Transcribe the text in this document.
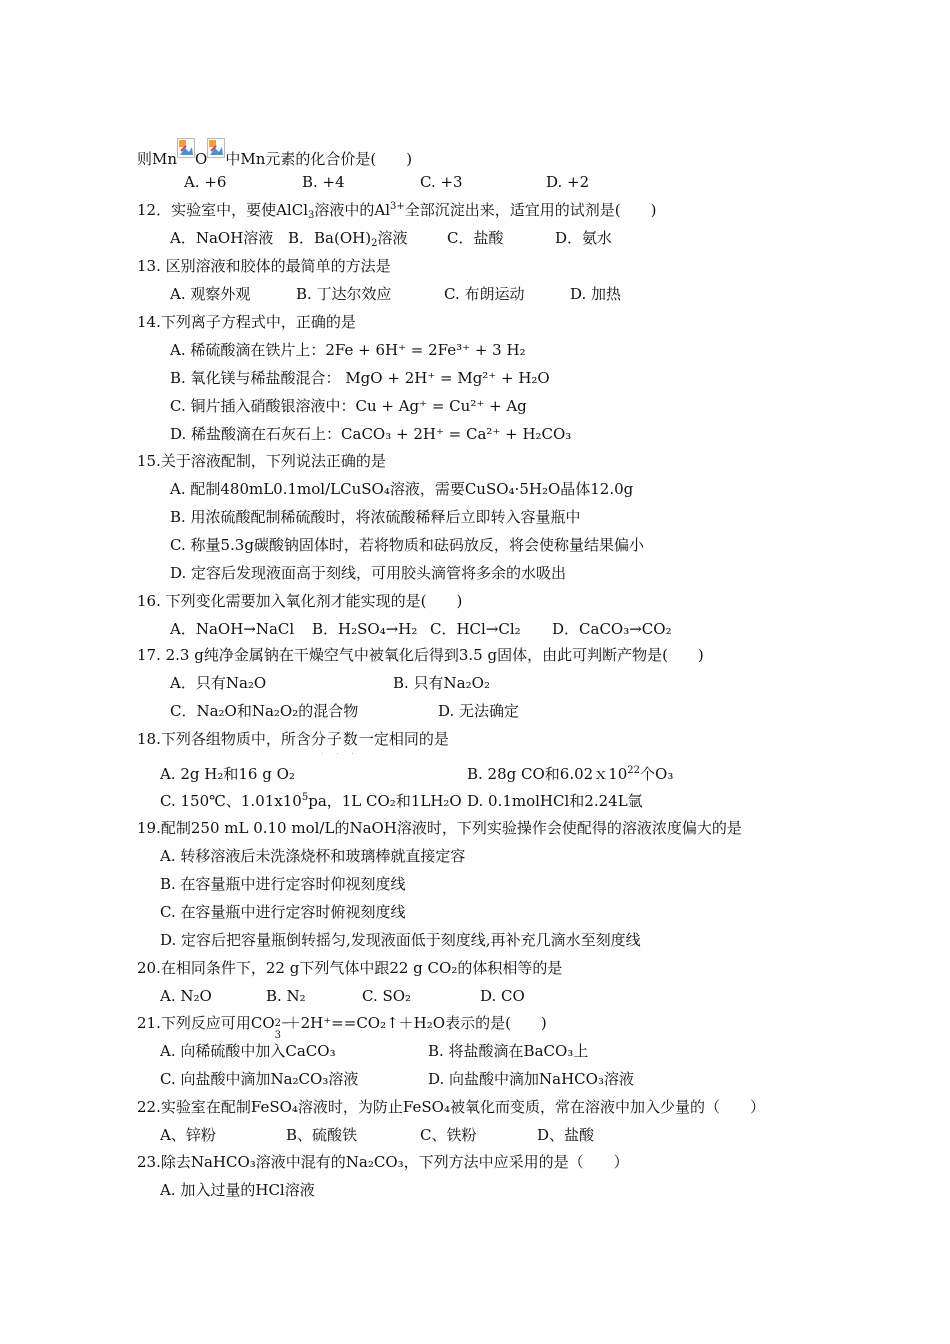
则Mn O 中Mn元素的化合价是(　　)
A. +6	B. +4	C. +3	D. +2
12．实验室中，要使AlCl$_3$溶液中的$Al^{3+}$全部沉淀出来，适宜用的试剂是(　　)
A．NaOH溶液 B．$Ba(OH)_2$溶液	C．盐酸	D．氨水
13. 区别溶液和胶体的最简单的方法是
A. 观察外观	B. 丁达尔效应	C. 布朗运动	D. 加热
14.下列离子方程式中，正确的是
A. 稀硫酸滴在铁片上：2Fe + 6H⁺ = 2Fe³⁺ + 3 H₂
B. 氧化镁与稀盐酸混合： MgO + 2H⁺ = Mg²⁺ + H₂O
C. 铜片插入硝酸银溶液中：Cu + Ag⁺ = Cu²⁺ + Ag
D. 稀盐酸滴在石灰石上：CaCO₃ + 2H⁺ = Ca²⁺ + H₂CO₃
15.关于溶液配制，下列说法正确的是
A. 配制480mL0.1mol/LCuSO₄溶液，需要CuSO₄·5H₂O晶体12.0g
B. 用浓硫酸配制稀硫酸时，将浓硫酸稀释后立即转入容量瓶中
C. 称量5.3g碳酸钠固体时，若将物质和砝码放反，将会使称量结果偏小
D. 定容后发现液面高于刻线，可用胶头滴管将多余的水吸出
16. 下列变化需要加入氧化剂才能实现的是(　　)
A．NaOH→NaCl B．H₂SO₄→H₂ C．HCl→Cl₂ D．CaCO₃→CO₂
17. 2.3 g纯净金属钠在干燥空气中被氧化后得到3.5 g固体，由此可判断产物是(　　)
A．只有Na₂O	B. 只有Na₂O₂
C．Na₂O和Na₂O₂的混合物	D. 无法确定
18.下列各组物质中，所含分子数一定相同的是
A. 2g H₂和16 g O₂	B. 28g CO和$6.02x10^{22}$个O₃
C. 150℃、$1.01x10^5pa$，1L CO₂和1LH₂O D. 0.1molHCl和2.24L氩
19.配制250 mL 0.10 mol/L的NaOH溶液时，下列实验操作会使配得的溶液浓度偏大的是
A. 转移溶液后未洗涤烧杯和玻璃棒就直接定容
B. 在容量瓶中进行定容时仰视刻度线
C. 在容量瓶中进行定容时俯视刻度线
D. 定容后把容量瓶倒转摇匀,发现液面低于刻度线,再补充几滴水至刻度线
20.在相同条件下，22 g下列气体中跟22 g CO₂的体积相等的是
A. N₂O	B. N₂	C. SO₂	D. CO
21.下列反应可用CO 2−
3
＋2H⁺==CO₂↑＋H₂O表示的是(　　)
A. 向稀硫酸中加入CaCO₃	B. 将盐酸滴在BaCO₃上
C. 向盐酸中滴加Na₂CO₃溶液	D. 向盐酸中滴加NaHCO₃溶液
22.实验室在配制FeSO₄溶液时，为防止FeSO₄被氧化而变质，常在溶液中加入少量的（　　）
A、锌粉	B、硫酸铁	C、铁粉	D、盐酸
23.除去NaHCO₃溶液中混有的Na₂CO₃，下列方法中应采用的是（　　）
A. 加入过量的HCl溶液
